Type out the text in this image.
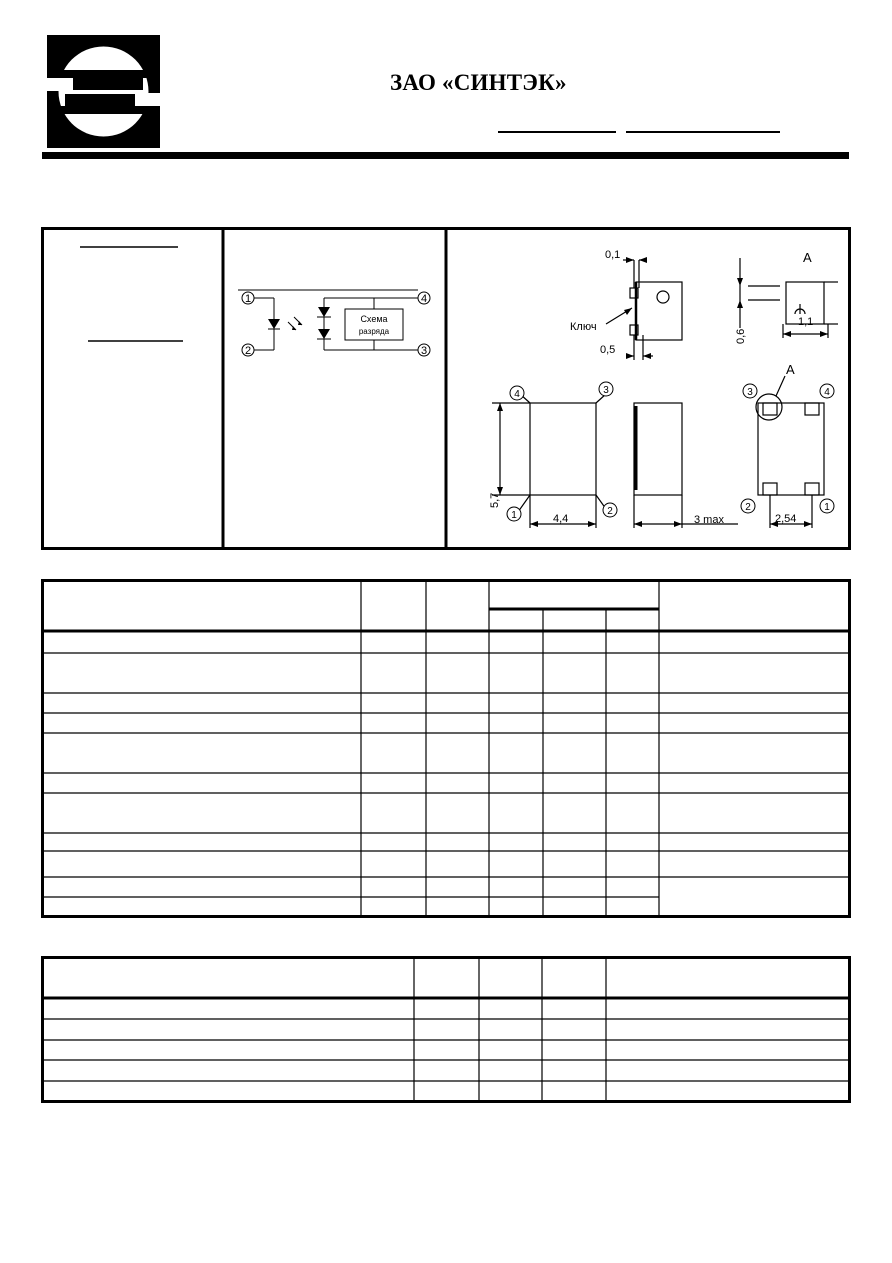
ЗАО «СИНТЭК»
1
2	3
4
Схема
разряда
0,1
0,5
Ключ
0,6
1,1
A
A
5,7
4,4	3 max	2,54
4	3
1	2
3	4
2	1
